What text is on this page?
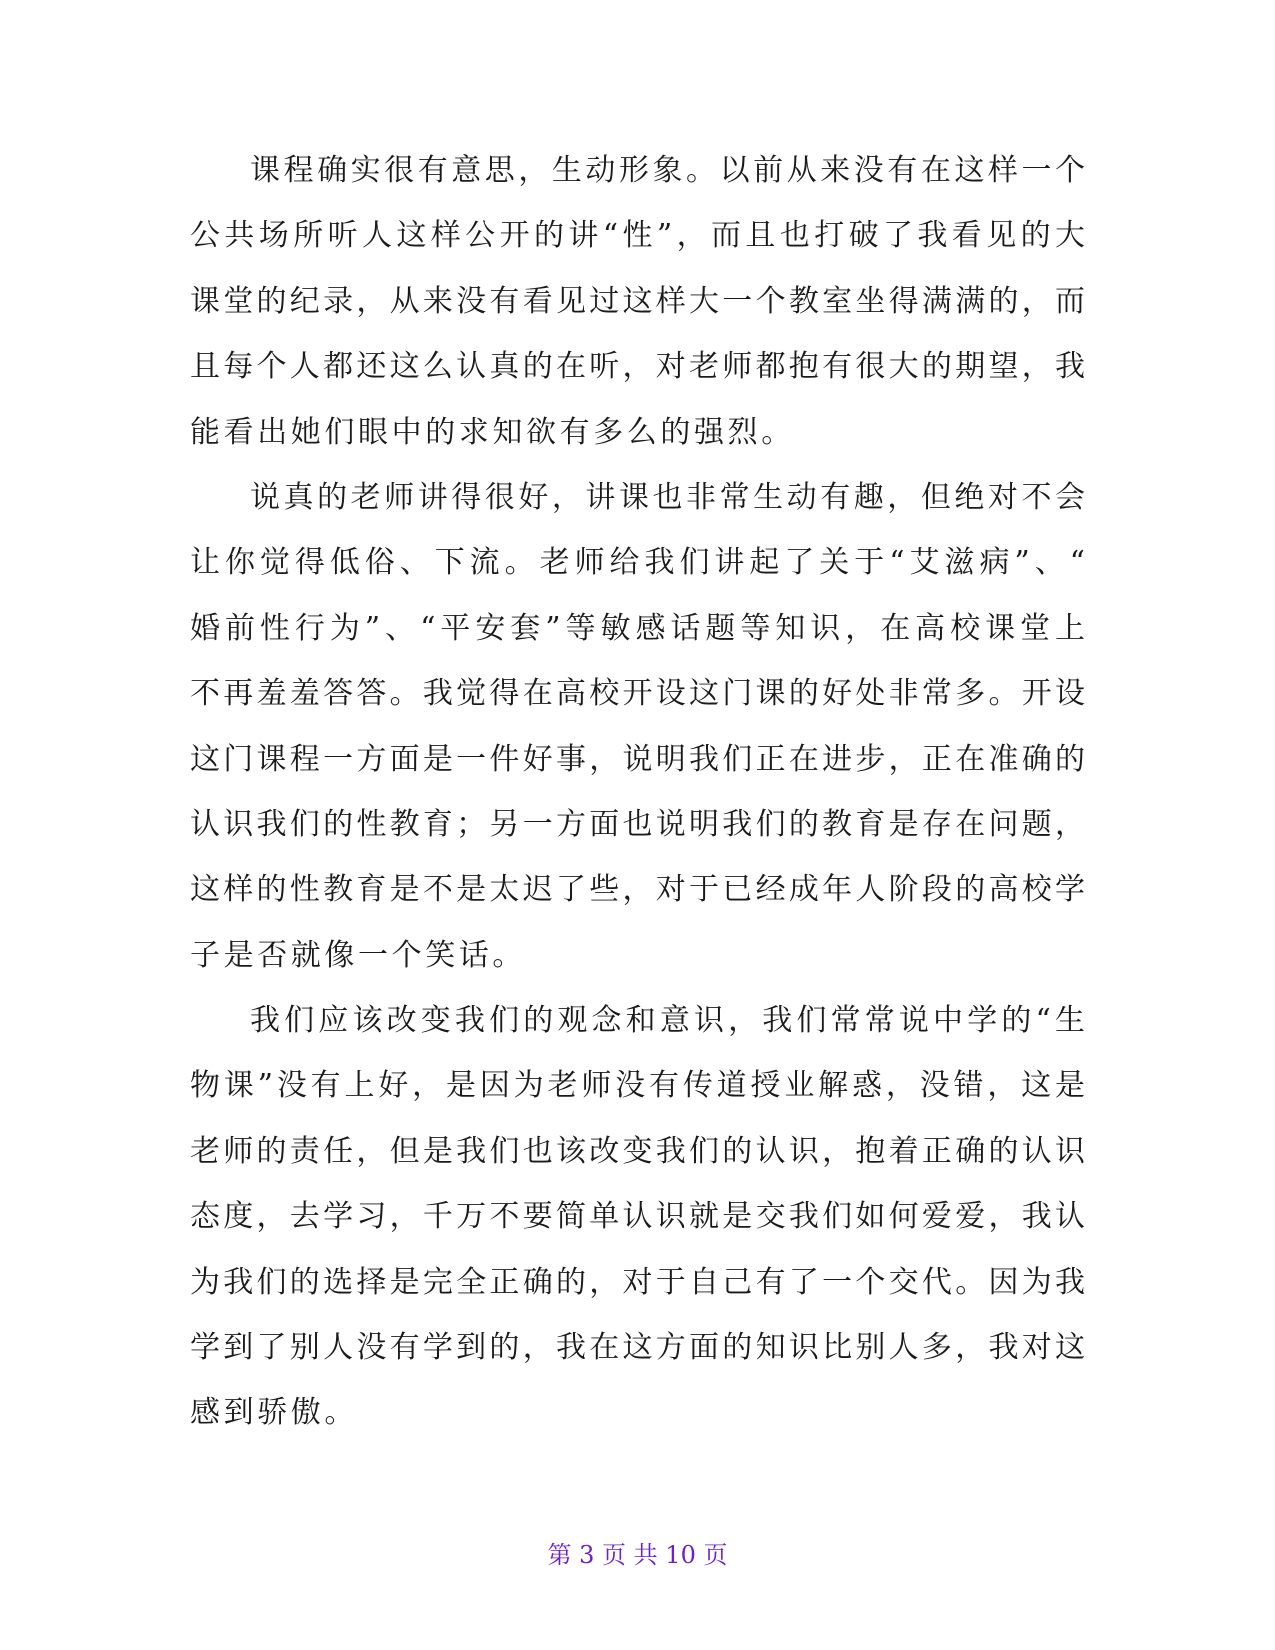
课程确实很有意思，生动形象。以前从来没有在这样一个
公共场所听人这样公开的讲“性”，而且也打破了我看见的大
课堂的纪录，从来没有看见过这样大一个教室坐得满满的，而
且每个人都还这么认真的在听，对老师都抱有很大的期望，我
能看出她们眼中的求知欲有多么的强烈。
说真的老师讲得很好，讲课也非常生动有趣，但绝对不会
让你觉得低俗、下流。老师给我们讲起了关于“艾滋病”、“
婚前性行为”、“平安套”等敏感话题等知识，在高校课堂上
不再羞羞答答。我觉得在高校开设这门课的好处非常多。开设
这门课程一方面是一件好事，说明我们正在进步，正在准确的
认识我们的性教育；另一方面也说明我们的教育是存在问题，
这样的性教育是不是太迟了些，对于已经成年人阶段的高校学
子是否就像一个笑话。
我们应该改变我们的观念和意识，我们常常说中学的“生
物课”没有上好，是因为老师没有传道授业解惑，没错，这是
老师的责任，但是我们也该改变我们的认识，抱着正确的认识
态度，去学习，千万不要简单认识就是交我们如何爱爱，我认
为我们的选择是完全正确的，对于自己有了一个交代。因为我
学到了别人没有学到的，我在这方面的知识比别人多，我对这
感到骄傲。
第 3 页 共 10 页
